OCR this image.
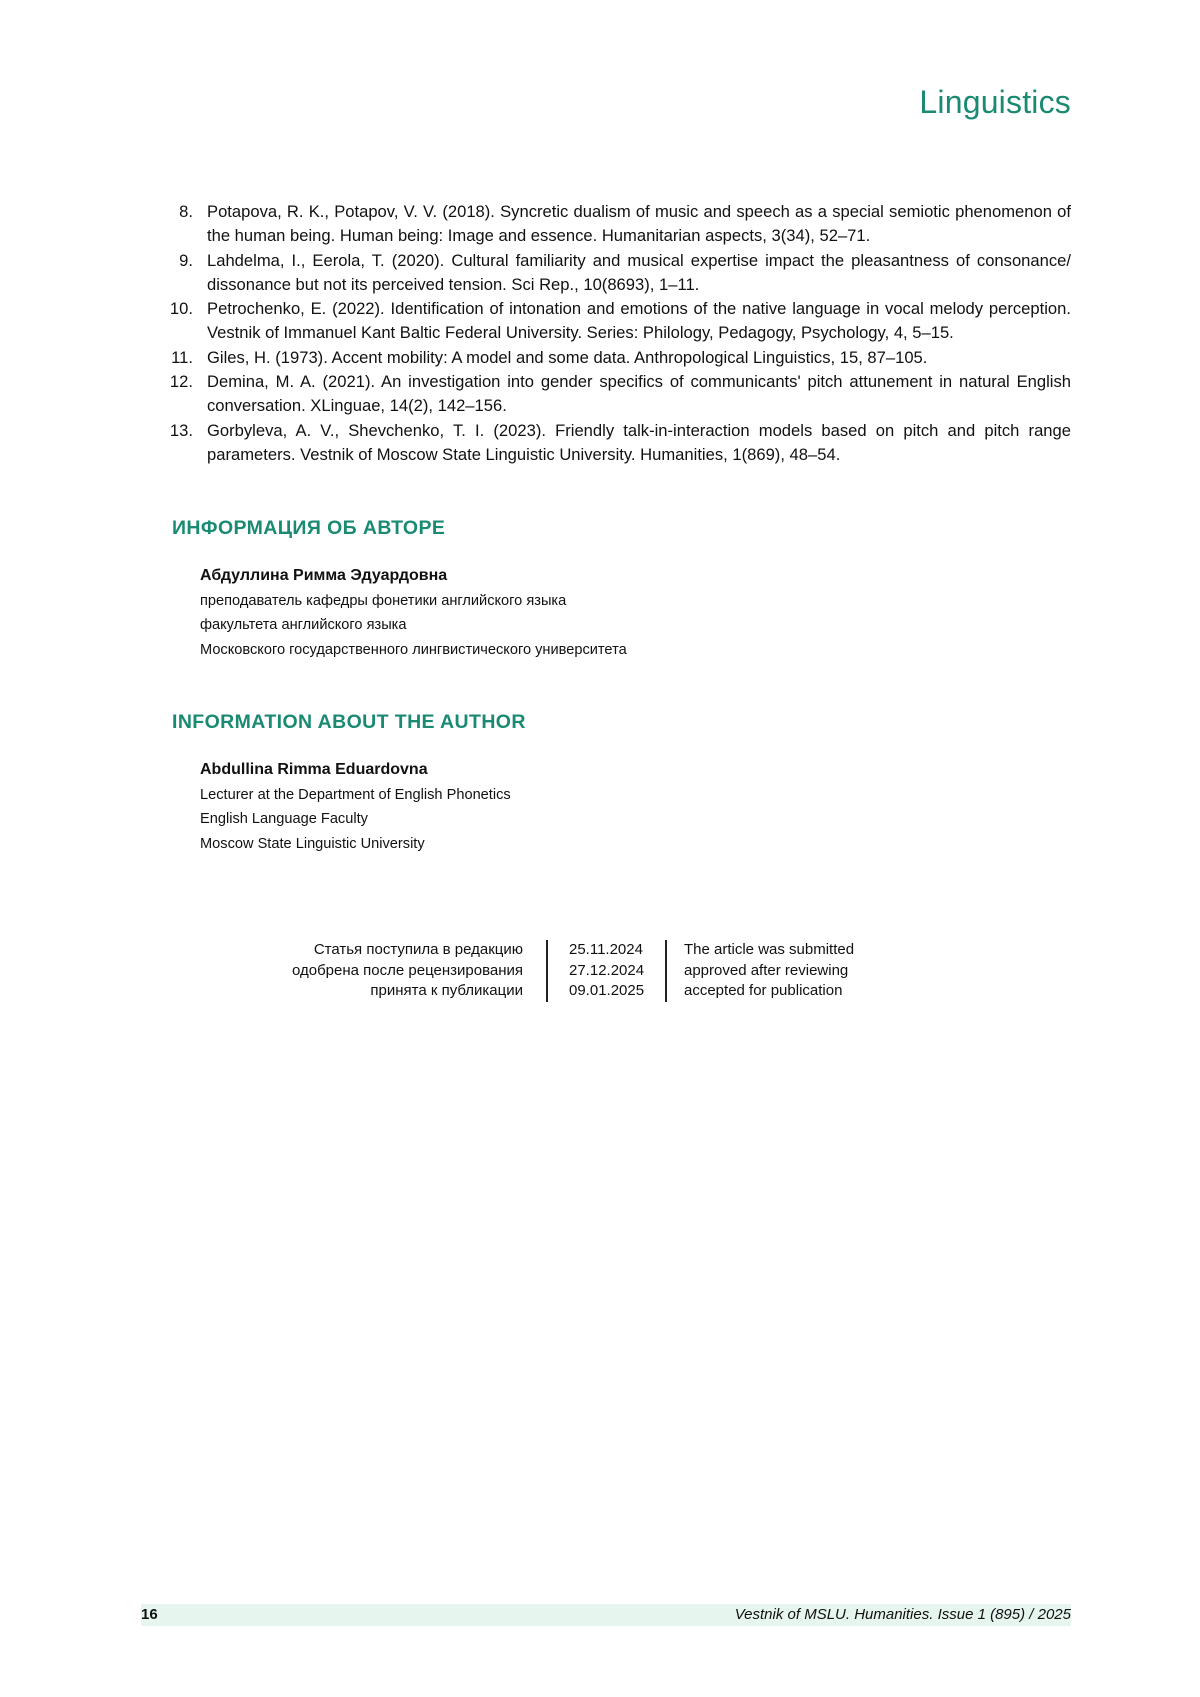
Linguistics
8. Potapova, R. K., Potapov, V. V. (2018). Syncretic dualism of music and speech as a special semiotic phenomenon of the human being. Human being: Image and essence. Humanitarian aspects, 3(34), 52–71.
9. Lahdelma, I., Eerola, T. (2020). Cultural familiarity and musical expertise impact the pleasantness of consonance/ dissonance but not its perceived tension. Sci Rep., 10(8693), 1–11.
10. Petrochenko, E. (2022). Identification of intonation and emotions of the native language in vocal melody perception. Vestnik of Immanuel Kant Baltic Federal University. Series: Philology, Pedagogy, Psychology, 4, 5–15.
11. Giles, H. (1973). Accent mobility: A model and some data. Anthropological Linguistics, 15, 87–105.
12. Demina, M. A. (2021). An investigation into gender specifics of communicants' pitch attunement in natural English conversation. XLinguae, 14(2), 142–156.
13. Gorbyleva, A. V., Shevchenko, T. I. (2023). Friendly talk-in-interaction models based on pitch and pitch range parameters. Vestnik of Moscow State Linguistic University. Humanities, 1(869), 48–54.
ИНФОРМАЦИЯ ОБ АВТОРЕ
Абдуллина Римма Эдуардовна
преподаватель кафедры фонетики английского языка
факультета английского языка
Московского государственного лингвистического университета
INFORMATION ABOUT THE AUTHOR
Abdullina Rimma Eduardovna
Lecturer at the Department of English Phonetics
English Language Faculty
Moscow State Linguistic University
Статья поступила в редакцию
одобрена после рецензирования
принята к публикации
25.11.2024
27.12.2024
09.01.2025
The article was submitted
approved after reviewing
accepted for publication
16	Vestnik of MSLU. Humanities. Issue 1 (895) / 2025
